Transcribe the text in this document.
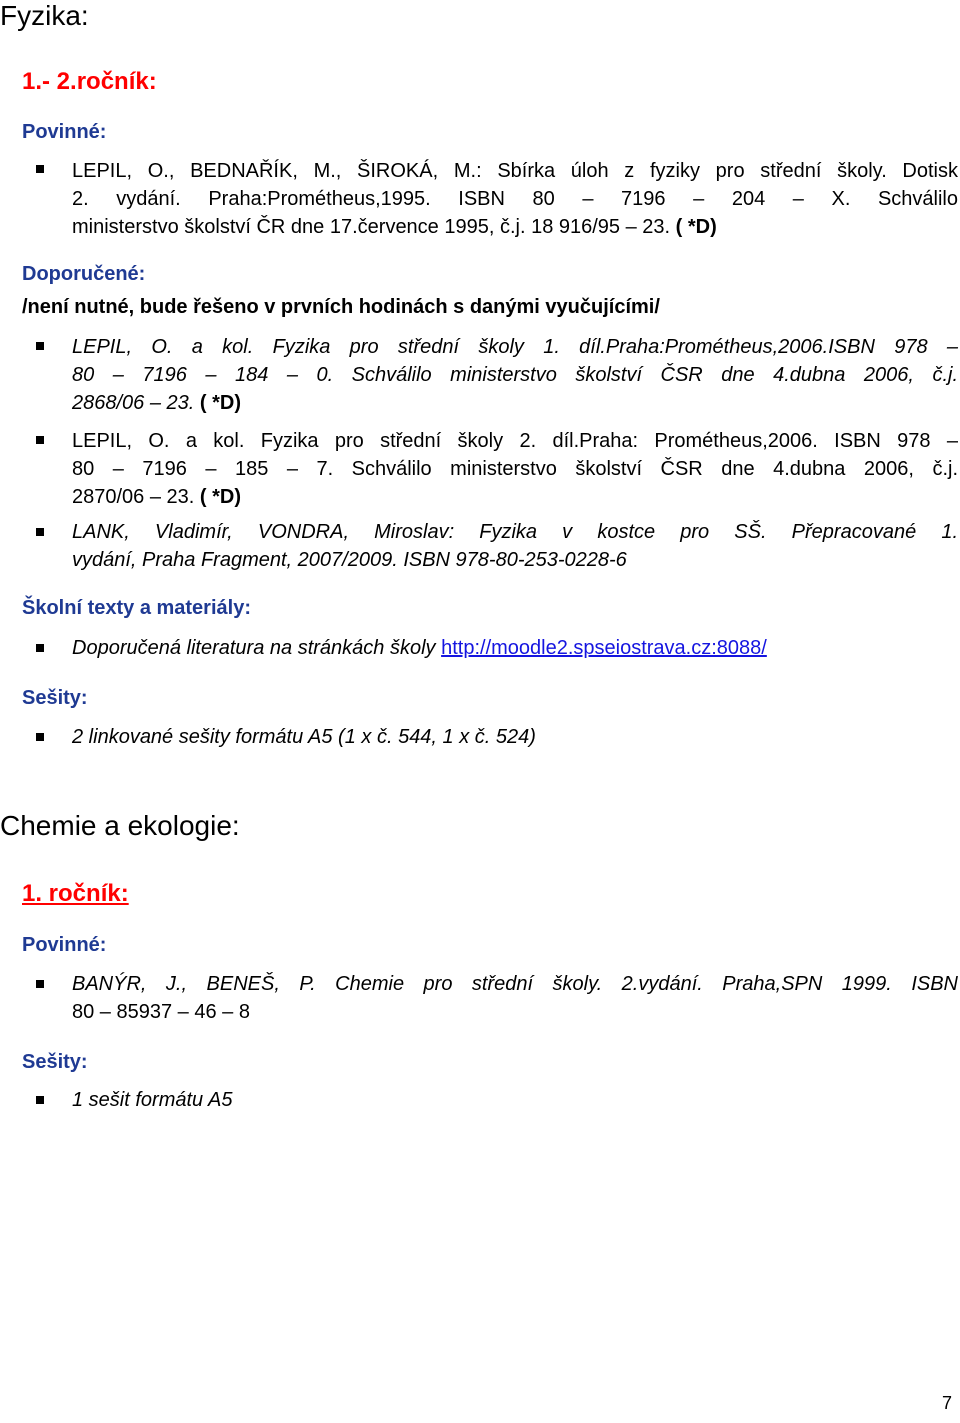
Fyzika:
1.- 2.ročník:
Povinné:
LEPIL, O., BEDNAŘÍK, M., ŠIROKÁ, M.: Sbírka úloh z fyziky pro střední školy. Dotisk
2. vydání. Praha:Prométheus,1995. ISBN 80 – 7196 – 204 – X. Schválilo
ministerstvo školství ČR dne 17.července 1995, č.j. 18 916/95 – 23. ( *D)
Doporučené:
/není nutné, bude řešeno v prvních hodinách s danými vyučujícími/
LEPIL, O. a kol. Fyzika pro střední školy 1. díl.Praha:Prométheus,2006.ISBN 978 –
80 – 7196 – 184 – 0. Schválilo ministerstvo školství ČSR dne 4.dubna 2006, č.j.
2868/06 – 23. ( *D)
LEPIL, O. a kol. Fyzika pro střední školy 2. díl.Praha: Prométheus,2006. ISBN 978 –
80 – 7196 – 185 – 7. Schválilo ministerstvo školství ČSR dne 4.dubna 2006, č.j.
2870/06 – 23. ( *D)
LANK, Vladimír, VONDRA, Miroslav: Fyzika v kostce pro SŠ. Přepracované 1.
vydání, Praha Fragment, 2007/2009. ISBN 978-80-253-0228-6
Školní texty a materiály:
Doporučená literatura na stránkách školy http://moodle2.spseiostrava.cz:8088/
Sešity:
2 linkované sešity formátu A5 (1 x č. 544, 1 x č. 524)
Chemie a ekologie:
1. ročník:
Povinné:
BANÝR, J., BENEŠ, P. Chemie pro střední školy. 2.vydání. Praha,SPN 1999. ISBN
80 – 85937 – 46 – 8
Sešity:
1 sešit formátu A5
7
